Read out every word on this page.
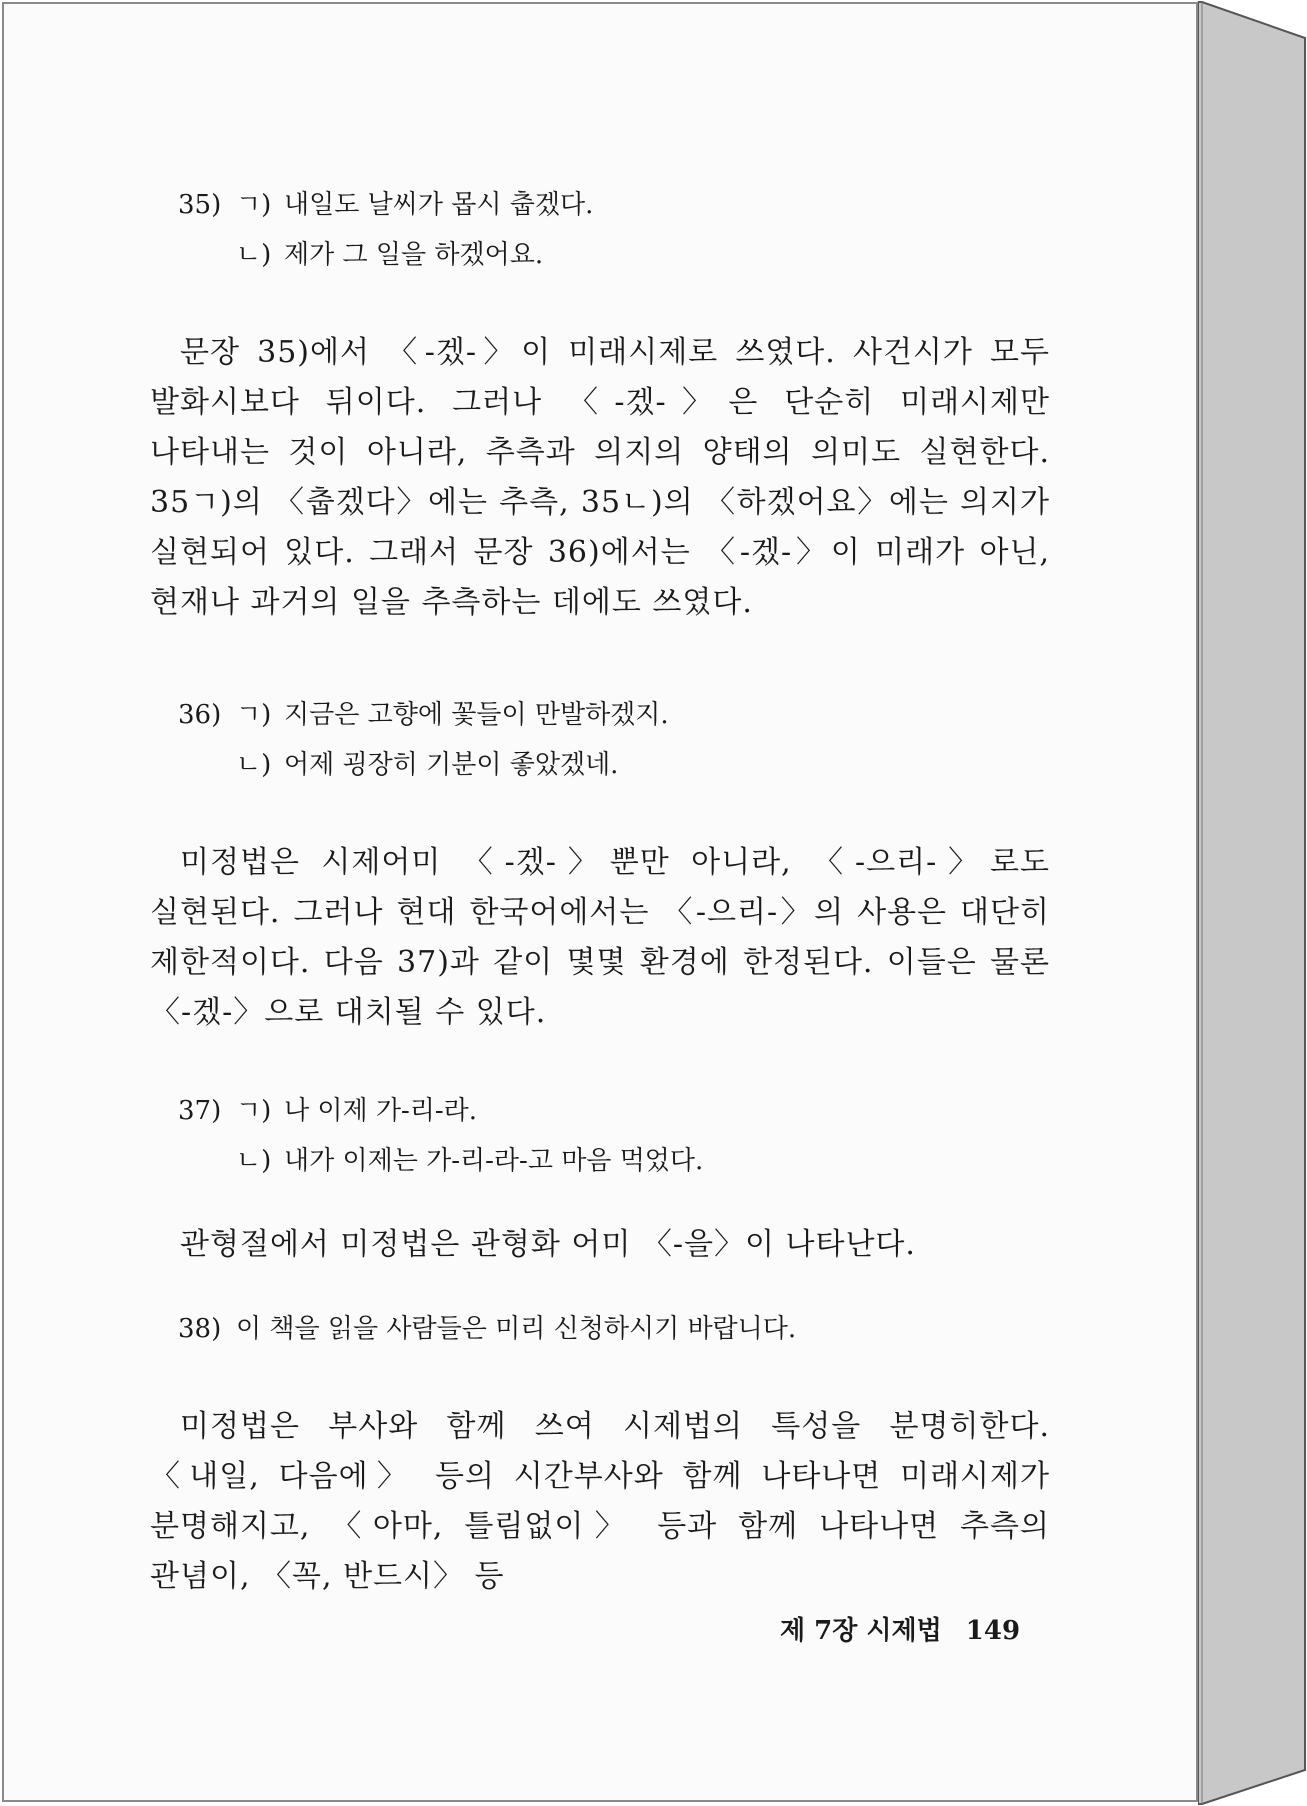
35) ㄱ) 내일도 날씨가 몹시 춥겠다.
ㄴ) 제가 그 일을 하겠어요.

문장 35)에서 〈-겠-〉이 미래시제로 쓰였다. 사건시가 모두 발화시보다 뒤이다. 그러나 〈-겠-〉은 단순히 미래시제만 나타내는 것이 아니라, 추측과 의지의 양태의 의미도 실현한다. 35ㄱ)의 〈춥겠다〉에는 추측, 35ㄴ)의 〈하겠어요〉에는 의지가 실현되어 있다. 그래서 문장 36)에서는 〈-겠-〉이 미래가 아닌, 현재나 과거의 일을 추측하는 데에도 쓰였다.

36) ㄱ) 지금은 고향에 꽃들이 만발하겠지.
ㄴ) 어제 굉장히 기분이 좋았겠네.

미정법은 시제어미 〈-겠-〉뿐만 아니라, 〈-으리-〉로도 실현된다. 그러나 현대 한국어에서는 〈-으리-〉의 사용은 대단히 제한적이다. 다음 37)과 같이 몇몇 환경에 한정된다. 이들은 물론 〈-겠-〉으로 대치될 수 있다.

37) ㄱ) 나 이제 가-리-라.
ㄴ) 내가 이제는 가-리-라-고 마음 먹었다.

관형절에서 미정법은 관형화 어미 〈-을〉이 나타난다.

38) 이 책을 읽을 사람들은 미리 신청하시기 바랍니다.

미정법은 부사와 함께 쓰여 시제법의 특성을 분명히한다. 〈내일, 다음에〉 등의 시간부사와 함께 나타나면 미래시제가 분명해지고, 〈아마, 틀림없이〉 등과 함께 나타나면 추측의 관념이, 〈꼭, 반드시〉 등

제 7장 시제법 149
